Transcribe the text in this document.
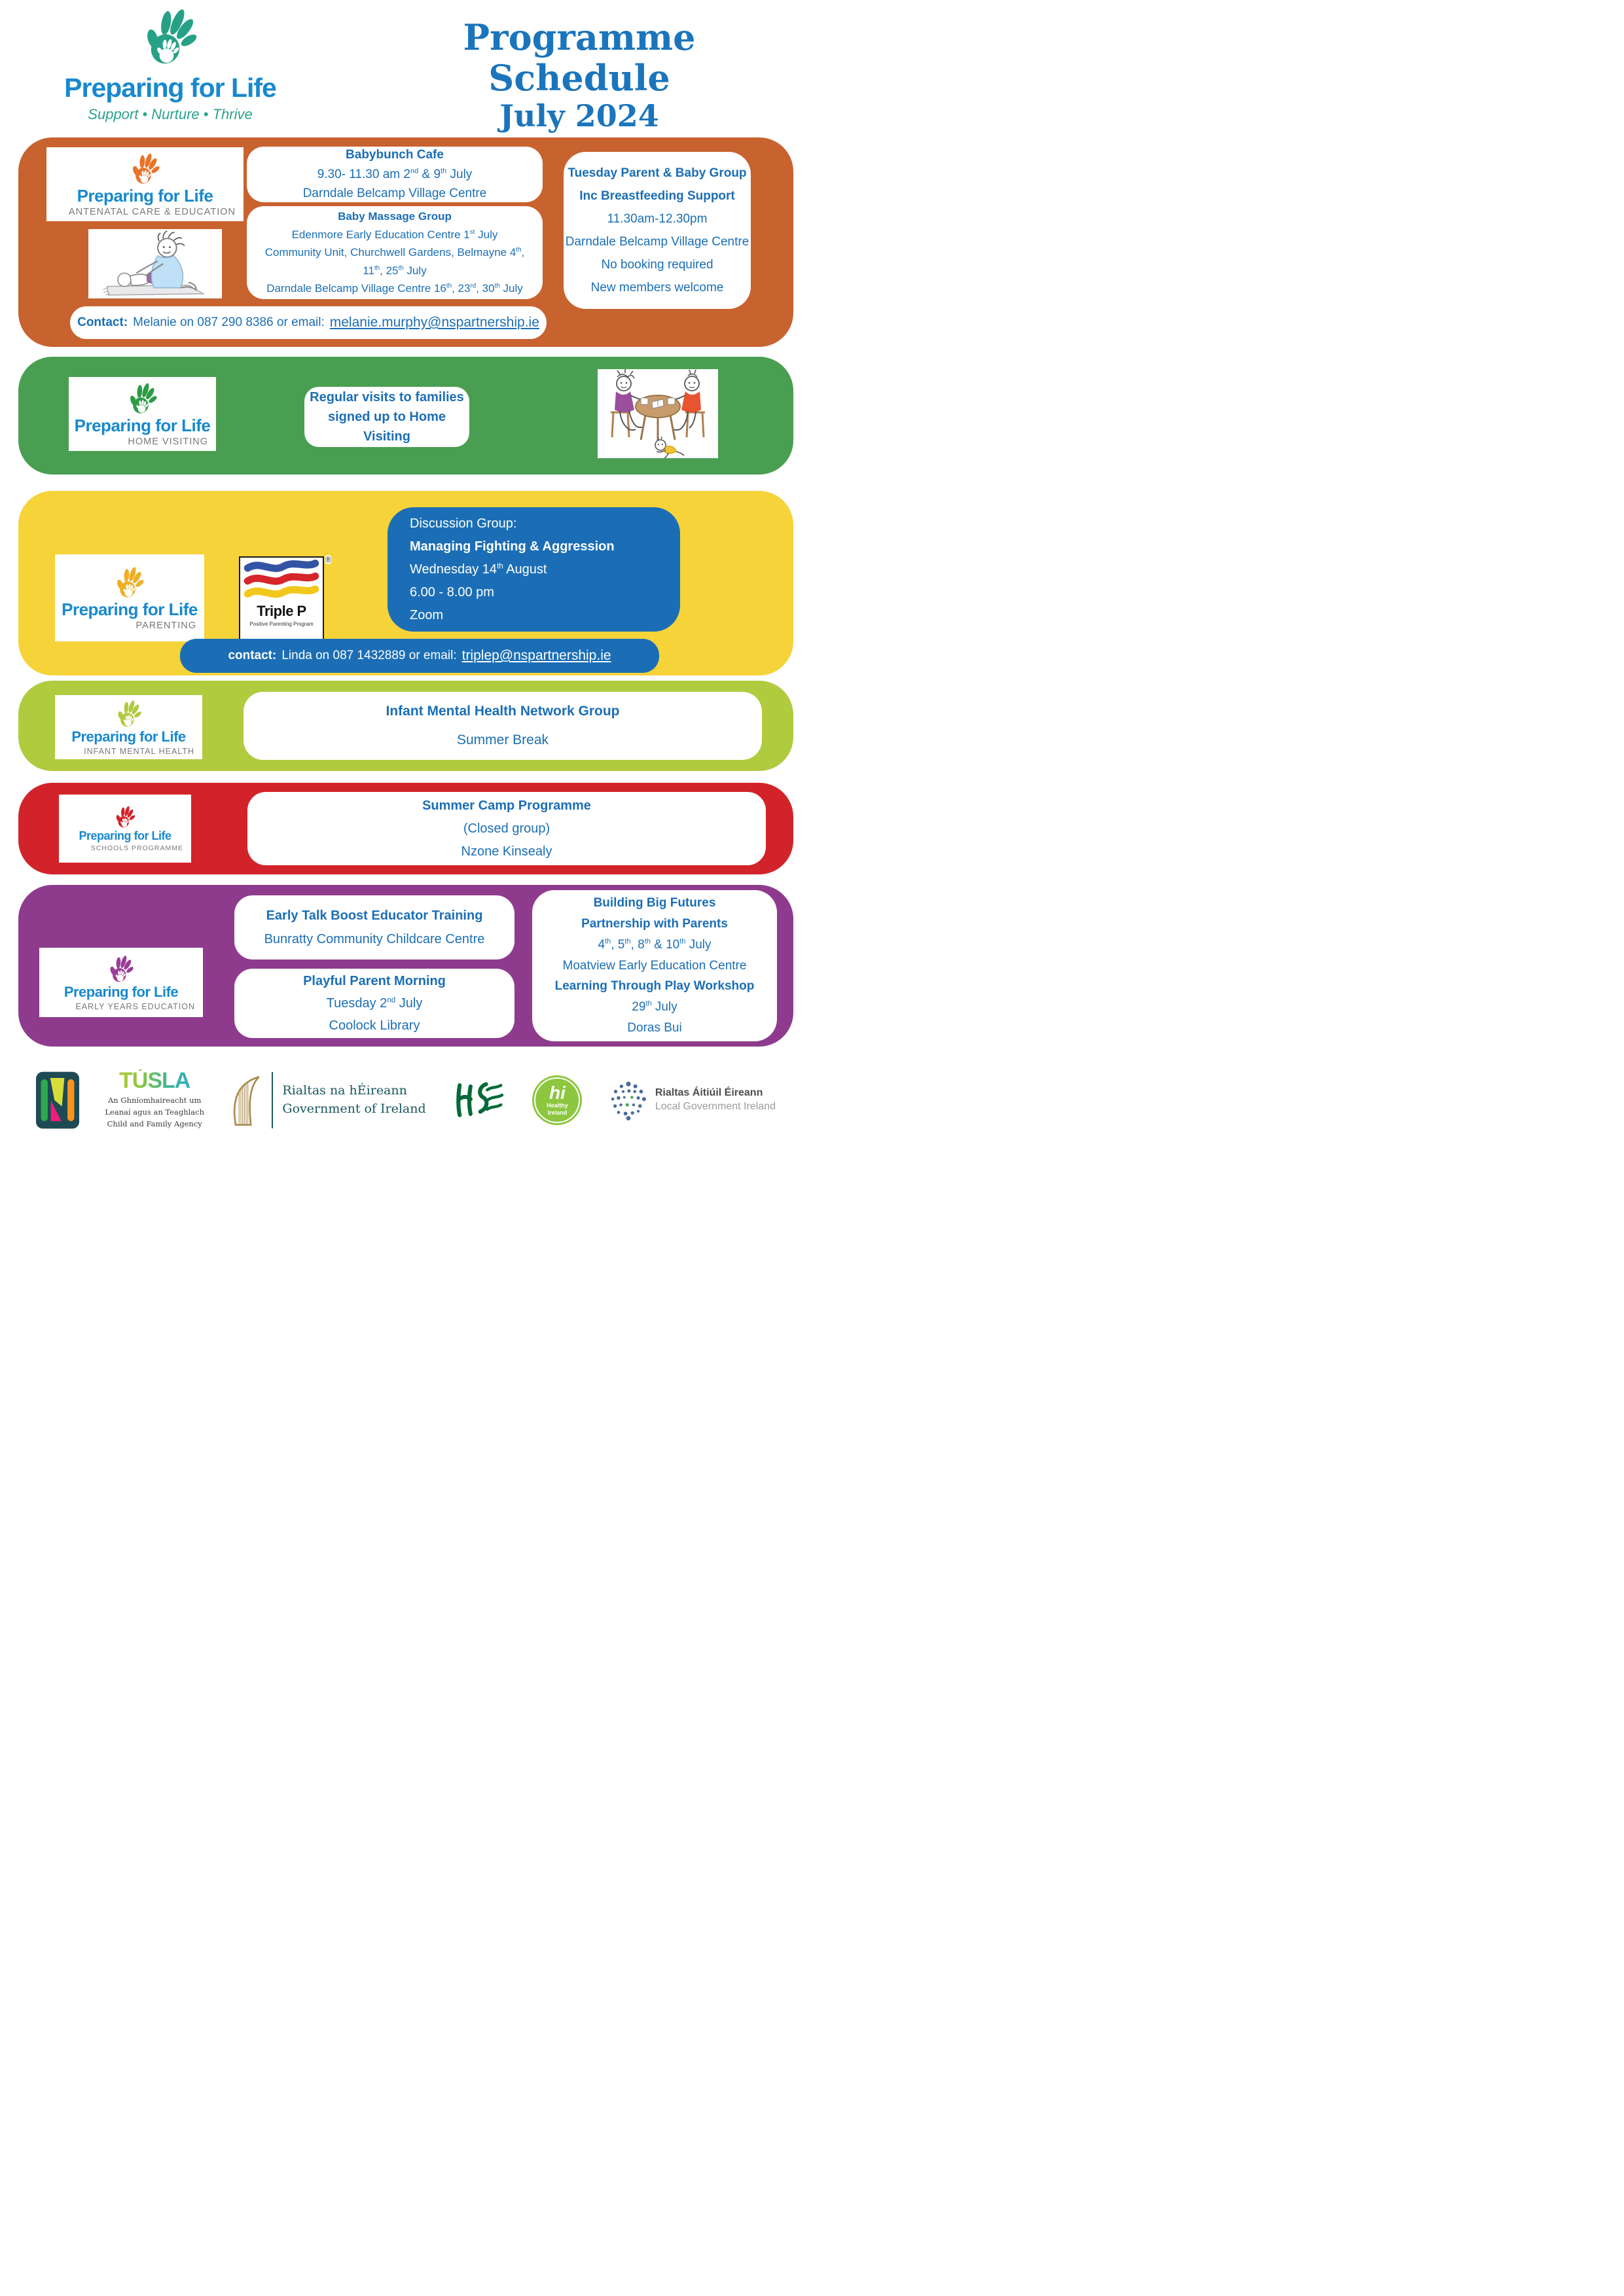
Preparing for Life
Support • Nurture • Thrive
Programme Schedule
July 2024
Preparing for Life
ANTENATAL CARE & EDUCATION
Babybunch Cafe
9.30- 11.30 am 2nd & 9th July
Darndale Belcamp Village Centre
Baby Massage Group
Edenmore Early Education Centre 1st July
Community Unit, Churchwell Gardens, Belmayne 4th,
11th, 25th July
Darndale Belcamp Village Centre 16th, 23rd, 30th July
Tuesday Parent & Baby Group
Inc Breastfeeding Support
11.30am-12.30pm
Darndale Belcamp Village Centre
No booking required
New members welcome
Contact: Melanie on 087 290 8386 or email: melanie.murphy@nspartnership.ie
Preparing for Life
HOME VISITING
Regular visits to families
signed up to Home Visiting
Preparing for Life
PARENTING
®
Triple P
Positive Parenting Program
Discussion Group:
Managing Fighting & Aggression
Wednesday 14th August
6.00 - 8.00 pm
Zoom
contact: Linda on 087 1432889 or email: triplep@nspartnership.ie
Preparing for Life
INFANT MENTAL HEALTH
Infant Mental Health Network Group
Summer Break
Preparing for Life
SCHOOLS PROGRAMME
Summer Camp Programme
(Closed group)
Nzone Kinsealy
Preparing for Life
EARLY YEARS EDUCATION
Early Talk Boost Educator Training
Bunratty Community Childcare Centre
Playful Parent Morning
Tuesday 2nd July
Coolock Library
Building Big Futures
Partnership with Parents
4th, 5th, 8th & 10th July
Moatview Early Education Centre
Learning Through Play Workshop
29th July
Doras Bui
TÚSLA
An Ghníomhaireacht um
Leanaí agus an Teaghlach
Child and Family Agency
Rialtas na hÉireann
Government of Ireland
hi
Healthy
Ireland
Rialtas Áitiúil Éireann
Local Government Ireland
